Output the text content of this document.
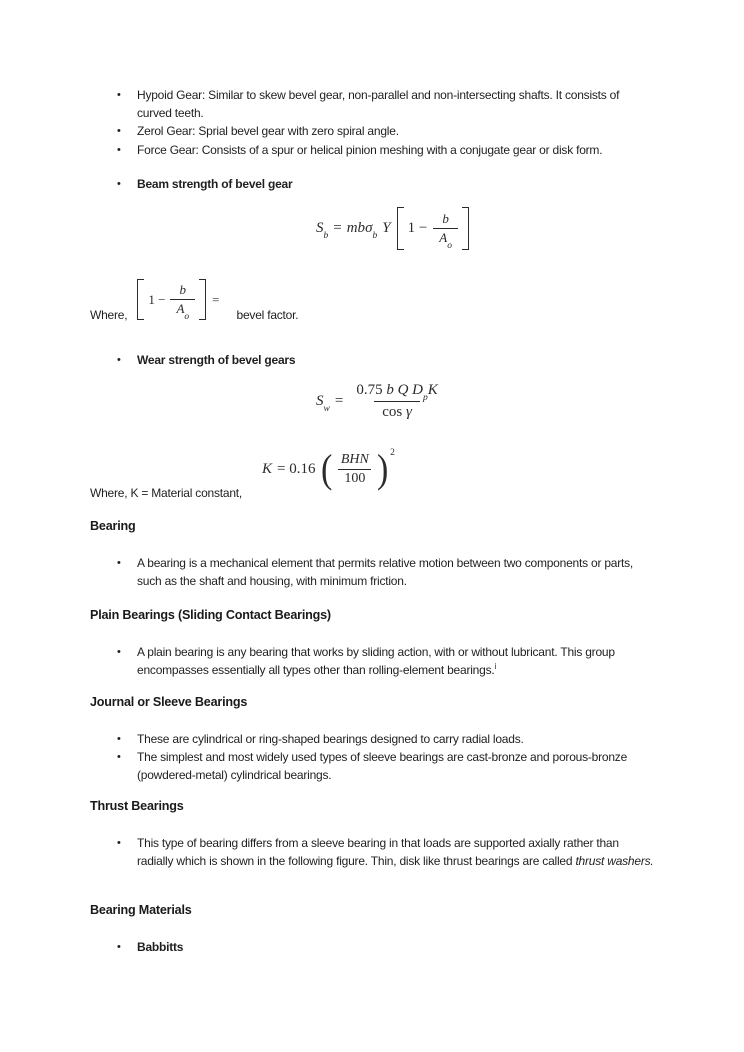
•	Hypoid Gear: Similar to skew bevel gear, non-parallel and non-intersecting shafts. It consists of curved teeth.
•	Zerol Gear: Sprial bevel gear with zero spiral angle.
•	Force Gear: Consists of a spur or helical pinion meshing with a conjugate gear or disk form.
•	Beam strength of bevel gear
$S_b = mb\sigma_b$ Y $1 - \frac{b}{A_o}$
Where,
$1 - \frac{b}{A_o}$ =
bevel factor.
•	Wear strength of bevel gears
$S_w = \frac{0.75 b Q D_pK}{\text{cos γ}}$
K = 0.16 ( $\frac{\text{BHN}}{100}$ ) 2
Where, K = Material constant,
Bearing
•	A bearing is a mechanical element that permits relative motion between two components or parts, such as the shaft and housing, with minimum friction.
Plain Bearings (Sliding Contact Bearings)
•	A plain bearing is any bearing that works by sliding action, with or without lubricant. This group encompasses essentially all types other than rolling-element bearings.$^i$
Journal or Sleeve Bearings
•	These are cylindrical or ring-shaped bearings designed to carry radial loads.
•	The simplest and most widely used types of sleeve bearings are cast-bronze and porous-bronze (powdered-metal) cylindrical bearings.
Thrust Bearings
•	This type of bearing differs from a sleeve bearing in that loads are supported axially rather than radially which is shown in the following figure. Thin, disk like thrust bearings are called thrust washers.
Bearing Materials
•	Babbitts
